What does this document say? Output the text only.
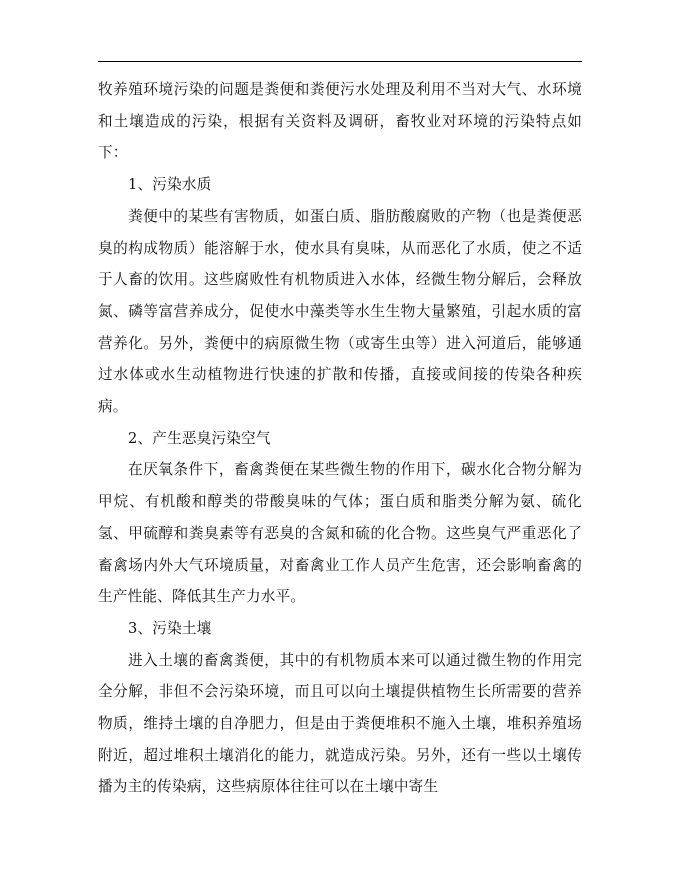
牧养殖环境污染的问题是粪便和粪便污水处理及利用不当对大气、水环境和土壤造成的污染，根据有关资料及调研，畜牧业对环境的污染特点如下：

1、污染水质

粪便中的某些有害物质，如蛋白质、脂肪酸腐败的产物（也是粪便恶臭的构成物质）能溶解于水，使水具有臭味，从而恶化了水质，使之不适于人畜的饮用。这些腐败性有机物质进入水体，经微生物分解后，会释放氮、磷等富营养成分，促使水中藻类等水生生物大量繁殖，引起水质的富营养化。另外，粪便中的病原微生物（或寄生虫等）进入河道后，能够通过水体或水生动植物进行快速的扩散和传播，直接或间接的传染各种疾病。

2、产生恶臭污染空气

在厌氧条件下，畜禽粪便在某些微生物的作用下，碳水化合物分解为甲烷、有机酸和醇类的带酸臭味的气体；蛋白质和脂类分解为氨、硫化氢、甲硫醇和粪臭素等有恶臭的含氮和硫的化合物。这些臭气严重恶化了畜禽场内外大气环境质量，对畜禽业工作人员产生危害，还会影响畜禽的生产性能、降低其生产力水平。

3、污染土壤

进入土壤的畜禽粪便，其中的有机物质本来可以通过微生物的作用完全分解，非但不会污染环境，而且可以向土壤提供植物生长所需要的营养物质，维持土壤的自净肥力，但是由于粪便堆积不施入土壤，堆积养殖场附近，超过堆积土壤消化的能力，就造成污染。另外，还有一些以土壤传播为主的传染病，这些病原体往往可以在土壤中寄生
